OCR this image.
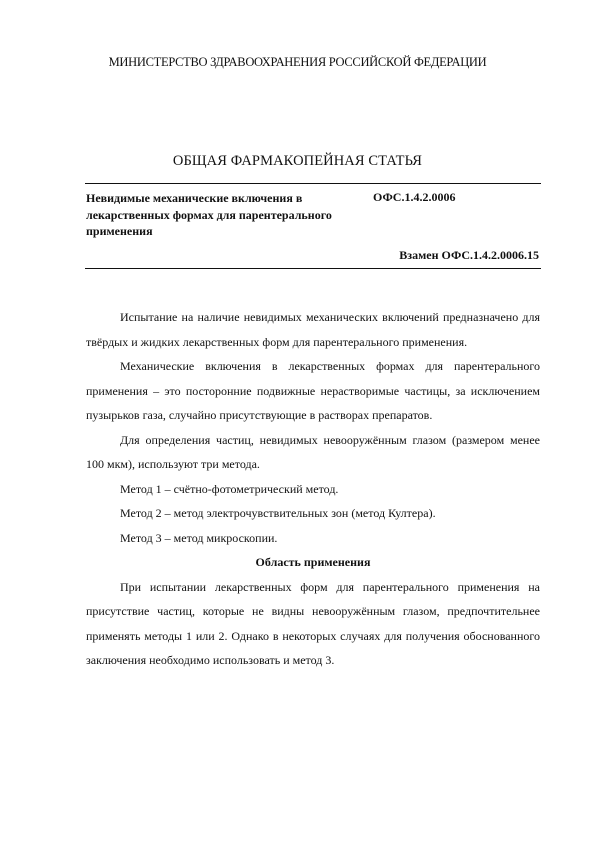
МИНИСТЕРСТВО ЗДРАВООХРАНЕНИЯ РОССИЙСКОЙ ФЕДЕРАЦИИ
ОБЩАЯ ФАРМАКОПЕЙНАЯ СТАТЬЯ
Невидимые механические включения в лекарственных формах для парентерального применения
ОФС.1.4.2.0006
Взамен ОФС.1.4.2.0006.15

Испытание на наличие невидимых механических включений предназначено для твёрдых и жидких лекарственных форм для парентерального применения.

Механические включения в лекарственных формах для парентерального применения – это посторонние подвижные нерастворимые частицы, за исключением пузырьков газа, случайно присутствующие в растворах препаратов.

Для определения частиц, невидимых невооружённым глазом (размером менее 100 мкм), используют три метода.

Метод 1 – счётно-фотометрический метод.

Метод 2 – метод электрочувствительных зон (метод Култера).

Метод 3 – метод микроскопии.

Область применения

При испытании лекарственных форм для парентерального применения на присутствие частиц, которые не видны невооружённым глазом, предпочтительнее применять методы 1 или 2. Однако в некоторых случаях для получения обоснованного заключения необходимо использовать и метод 3.
